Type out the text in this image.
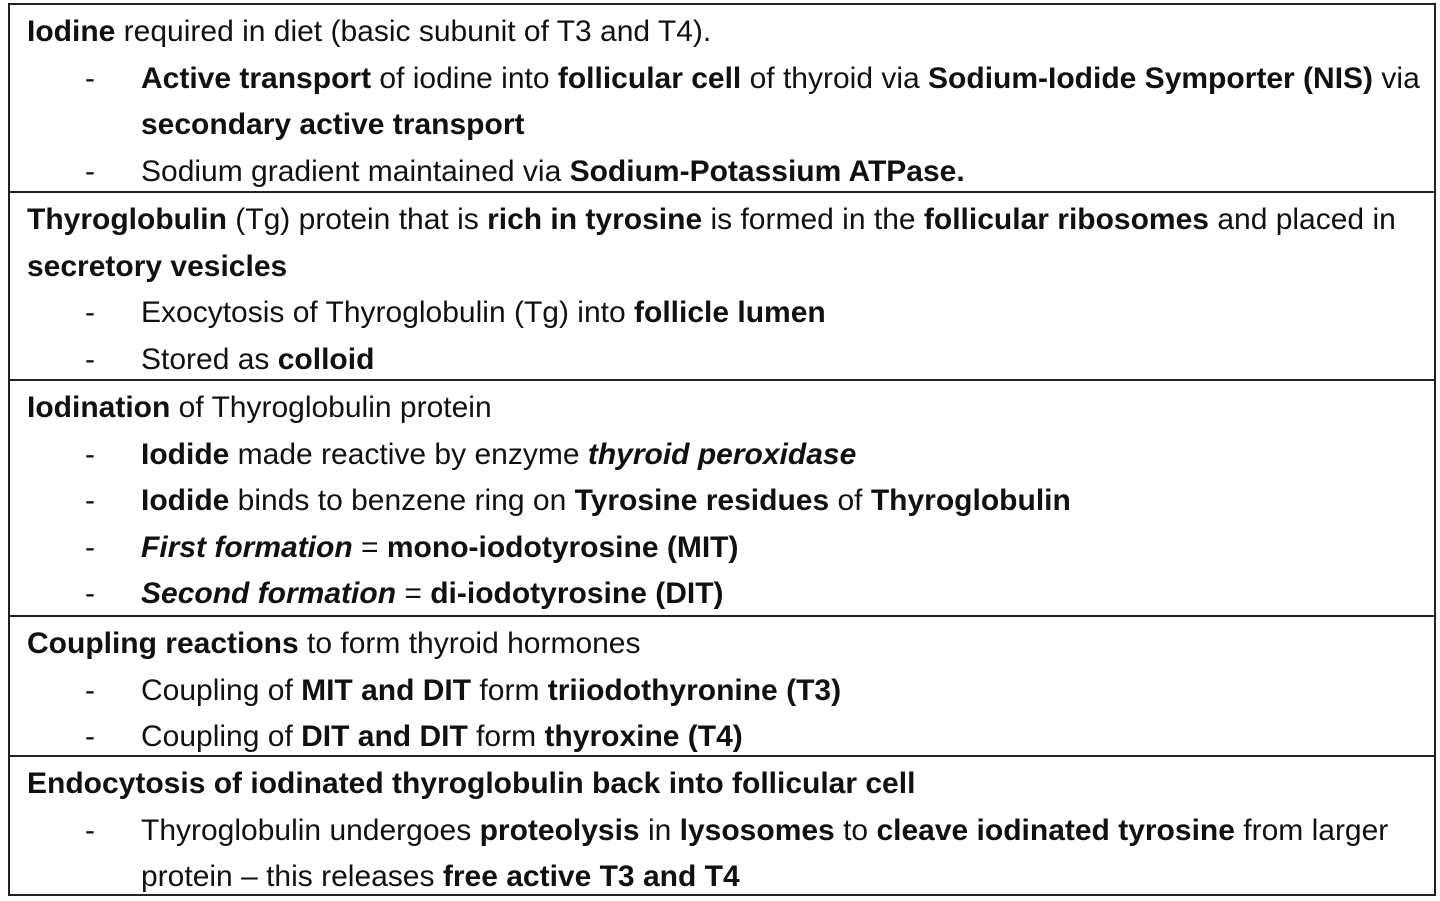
Iodine required in diet (basic subunit of T3 and T4).
- Active transport of iodine into follicular cell of thyroid via Sodium-Iodide Symporter (NIS) via secondary active transport
- Sodium gradient maintained via Sodium-Potassium ATPase.
Thyroglobulin (Tg) protein that is rich in tyrosine is formed in the follicular ribosomes and placed in secretory vesicles
- Exocytosis of Thyroglobulin (Tg) into follicle lumen
- Stored as colloid
Iodination of Thyroglobulin protein
- Iodide made reactive by enzyme thyroid peroxidase
- Iodide binds to benzene ring on Tyrosine residues of Thyroglobulin
- First formation = mono-iodotyrosine (MIT)
- Second formation = di-iodotyrosine (DIT)
Coupling reactions to form thyroid hormones
- Coupling of MIT and DIT form triiodothyronine (T3)
- Coupling of DIT and DIT form thyroxine (T4)
Endocytosis of iodinated thyroglobulin back into follicular cell
- Thyroglobulin undergoes proteolysis in lysosomes to cleave iodinated tyrosine from larger protein – this releases free active T3 and T4
